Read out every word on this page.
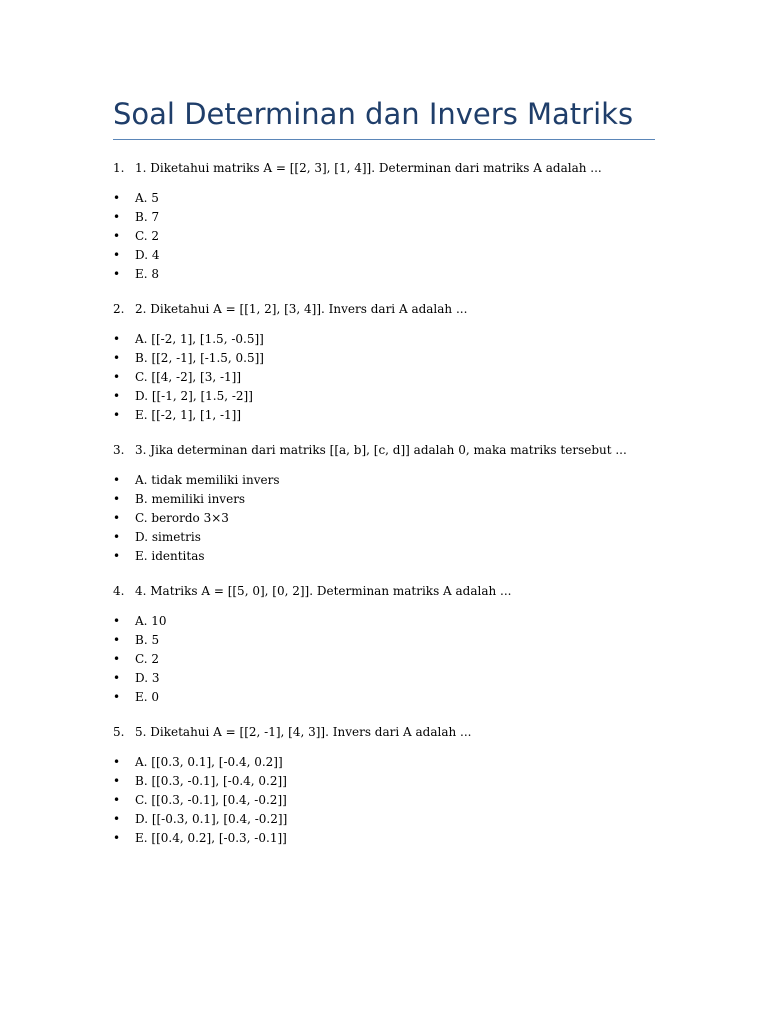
Soal Determinan dan Invers Matriks
1. 1. Diketahui matriks A = [[2, 3], [1, 4]]. Determinan dari matriks A adalah ...
• A. 5
• B. 7
• C. 2
• D. 4
• E. 8
2. 2. Diketahui A = [[1, 2], [3, 4]]. Invers dari A adalah ...
• A. [[-2, 1], [1.5, -0.5]]
• B. [[2, -1], [-1.5, 0.5]]
• C. [[4, -2], [3, -1]]
• D. [[-1, 2], [1.5, -2]]
• E. [[-2, 1], [1, -1]]
3. 3. Jika determinan dari matriks [[a, b], [c, d]] adalah 0, maka matriks tersebut ...
• A. tidak memiliki invers
• B. memiliki invers
• C. berordo 3×3
• D. simetris
• E. identitas
4. 4. Matriks A = [[5, 0], [0, 2]]. Determinan matriks A adalah ...
• A. 10
• B. 5
• C. 2
• D. 3
• E. 0
5. 5. Diketahui A = [[2, -1], [4, 3]]. Invers dari A adalah ...
• A. [[0.3, 0.1], [-0.4, 0.2]]
• B. [[0.3, -0.1], [-0.4, 0.2]]
• C. [[0.3, -0.1], [0.4, -0.2]]
• D. [[-0.3, 0.1], [0.4, -0.2]]
• E. [[0.4, 0.2], [-0.3, -0.1]]
